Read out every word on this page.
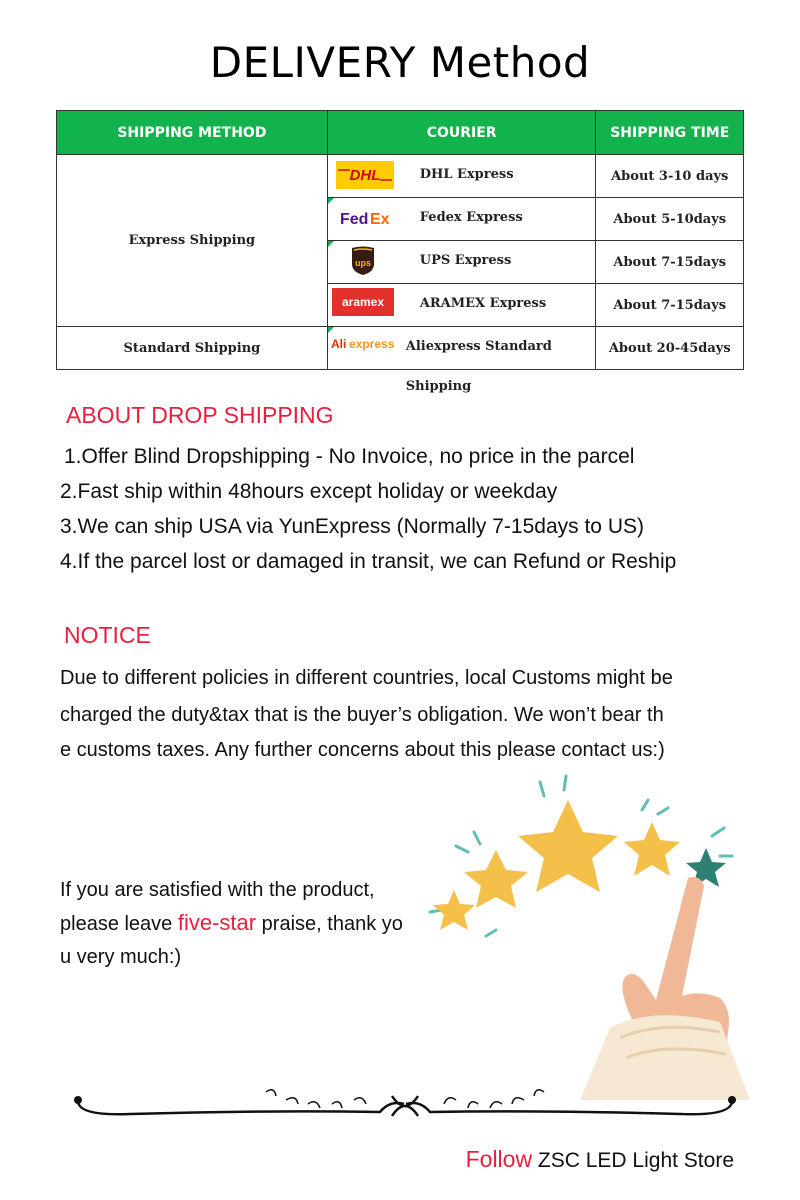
DELIVERY Method
SHIPPING METHOD	COURIER	SHIPPING TIME
Express Shipping	DHL DHL Express	About 3-10 days

Fed Ex Fedex Express	About 5-10days

ups UPS Express	About 7-15days

aramex ARAMEX Express	About 7-15days
Standard Shipping	Ali express Aliexpress Standard Shipping	About 20-45days
ABOUT DROP SHIPPING
1.Offer Blind Dropshipping - No Invoice, no price in the parcel
2.Fast ship within 48hours except holiday or weekday
3.We can ship USA via YunExpress (Normally 7-15days to US)
4.If the parcel lost or damaged in transit, we can Refund or Reship
NOTICE
Due to different policies in different countries, local Customs might be
charged the duty&tax that is the buyer’s obligation. We won’t bear th
e customs taxes. Any further concerns about this please contact us:)
If you are satisfied with the product,
please leave five-star praise, thank yo
u very much:)
Follow ZSC LED Light Store
